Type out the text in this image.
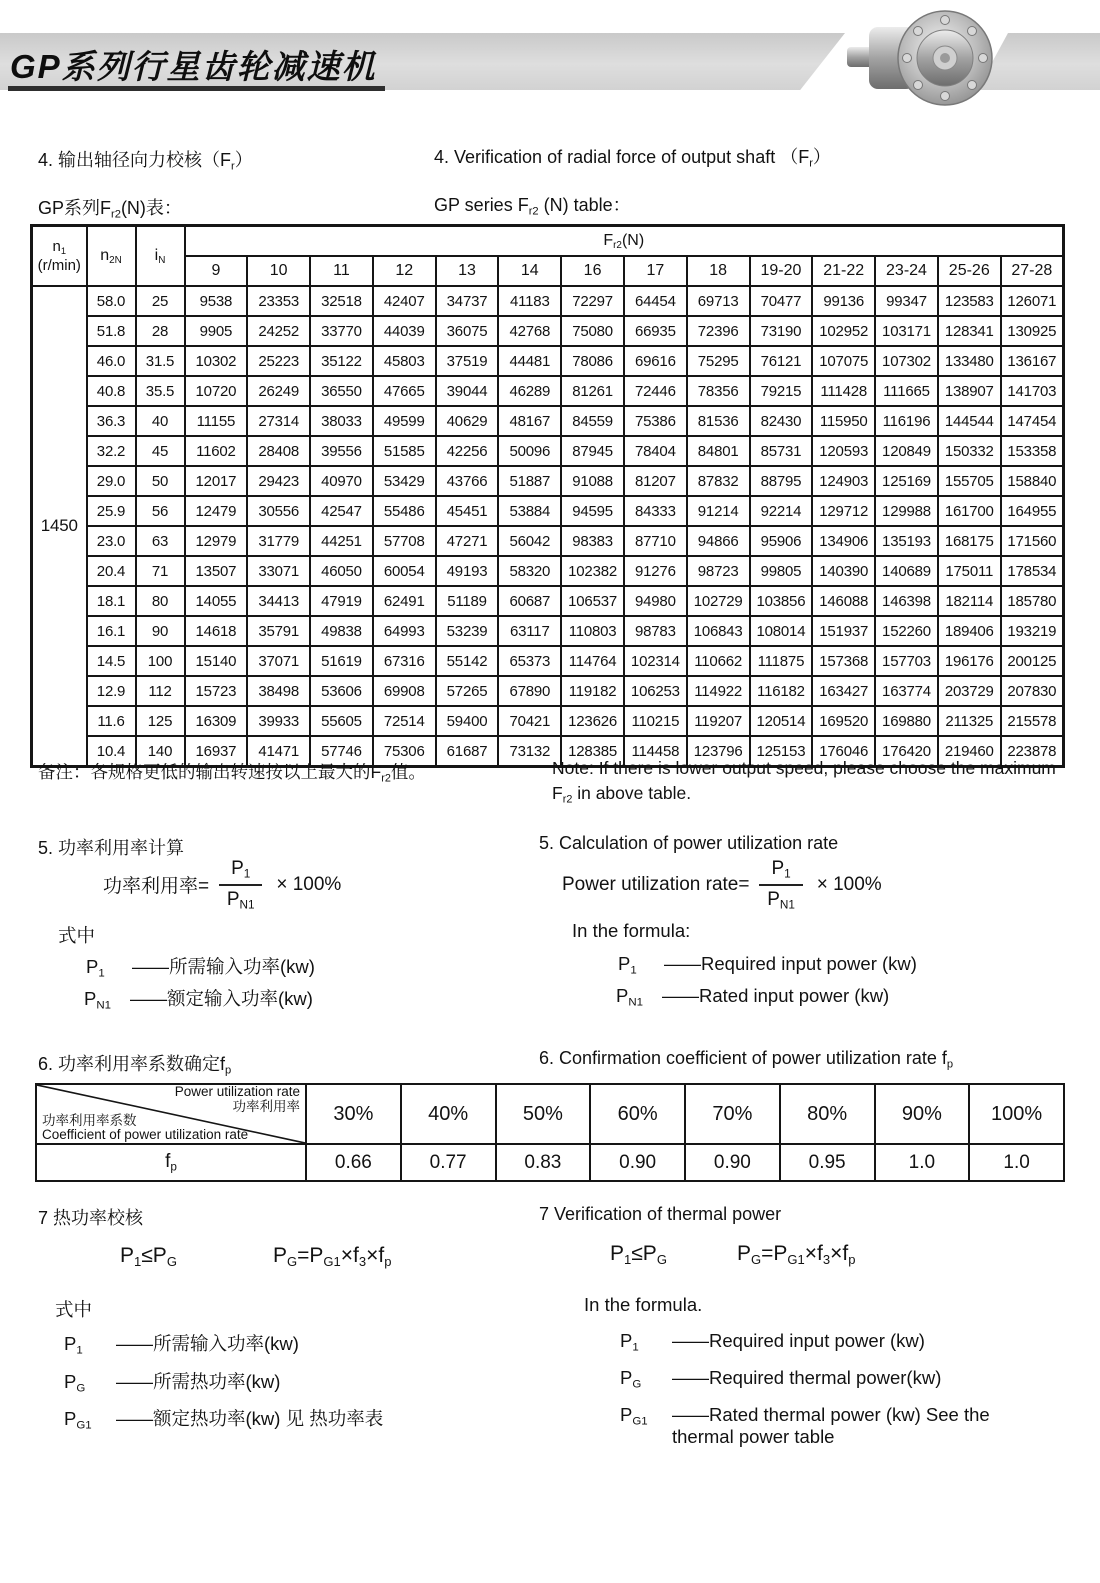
GP系列行星齿轮减速机
4. 输出轴径向力校核（Fr）	4. Verification of radial force of output shaft （Fr）
GP系列Fr2(N)表：	GP series Fr2 (N) table：
n1
(r/min)	n2N	iN	Fr2(N)													
			9	10	11	12	13	14	16	17	18	19-20	21-22	23-24	25-26	27-28
1450	58.0	25	9538	23353	32518	42407	34737	41183	72297	64454	69713	70477	99136	99347	123583	126071
	51.8	28	9905	24252	33770	44039	36075	42768	75080	66935	72396	73190	102952	103171	128341	130925
	46.0	31.5	10302	25223	35122	45803	37519	44481	78086	69616	75295	76121	107075	107302	133480	136167
	40.8	35.5	10720	26249	36550	47665	39044	46289	81261	72446	78356	79215	111428	111665	138907	141703
	36.3	40	11155	27314	38033	49599	40629	48167	84559	75386	81536	82430	115950	116196	144544	147454
	32.2	45	11602	28408	39556	51585	42256	50096	87945	78404	84801	85731	120593	120849	150332	153358
	29.0	50	12017	29423	40970	53429	43766	51887	91088	81207	87832	88795	124903	125169	155705	158840
	25.9	56	12479	30556	42547	55486	45451	53884	94595	84333	91214	92214	129712	129988	161700	164955
	23.0	63	12979	31779	44251	57708	47271	56042	98383	87710	94866	95906	134906	135193	168175	171560
	20.4	71	13507	33071	46050	60054	49193	58320	102382	91276	98723	99805	140390	140689	175011	178534
	18.1	80	14055	34413	47919	62491	51189	60687	106537	94980	102729	103856	146088	146398	182114	185780
	16.1	90	14618	35791	49838	64993	53239	63117	110803	98783	106843	108014	151937	152260	189406	193219
	14.5	100	15140	37071	51619	67316	55142	65373	114764	102314	110662	111875	157368	157703	196176	200125
	12.9	112	15723	38498	53606	69908	57265	67890	119182	106253	114922	116182	163427	163774	203729	207830
	11.6	125	16309	39933	55605	72514	59400	70421	123626	110215	119207	120514	169520	169880	211325	215578
	10.4	140	16937	41471	57746	75306	61687	73132	128385	114458	123796	125153	176046	176420	219460	223878
备注：各规格更低的输出转速按以上最大的Fr2值。	Note: If there is lower output speed, please choose the maximum Fr2 in above table.
5. 功率利用率计算
功率利用率= $\frac{P1}{PN1} \times 100\%$
式中
P1	——所需输入功率(kw)
PN1	——额定输入功率(kw)
5. Calculation of power utilization rate
Power utilization rate= $\frac{P1}{PN1} \times 100\%$
In the formula:
P1	——Required input power (kw)
PN1	——Rated input power (kw)
6. 功率利用率系数确定fp
6. Confirmation coefficient of power utilization rate fp
Power utilization rate
功率利用率
功率利用率系数
Coefficient of power utilization rate	30%	40%	50%	60%	70%	80%	90%	100%
fp	0.66	0.77	0.83	0.90	0.90	0.95	1.0	1.0
7 热功率校核
P1≤PG	PG=PG1×f3×fp
式中
P1	——所需输入功率(kw)
PG	——所需热功率(kw)
PG1	——额定热功率(kw) 见 热功率表
7 Verification of thermal power
P1≤PG	PG=PG1×f3×fp
In the formula.
P1	——Required input power (kw)
PG	——Required thermal power(kw)
PG1	——Rated thermal power (kw) See the
thermal power table
